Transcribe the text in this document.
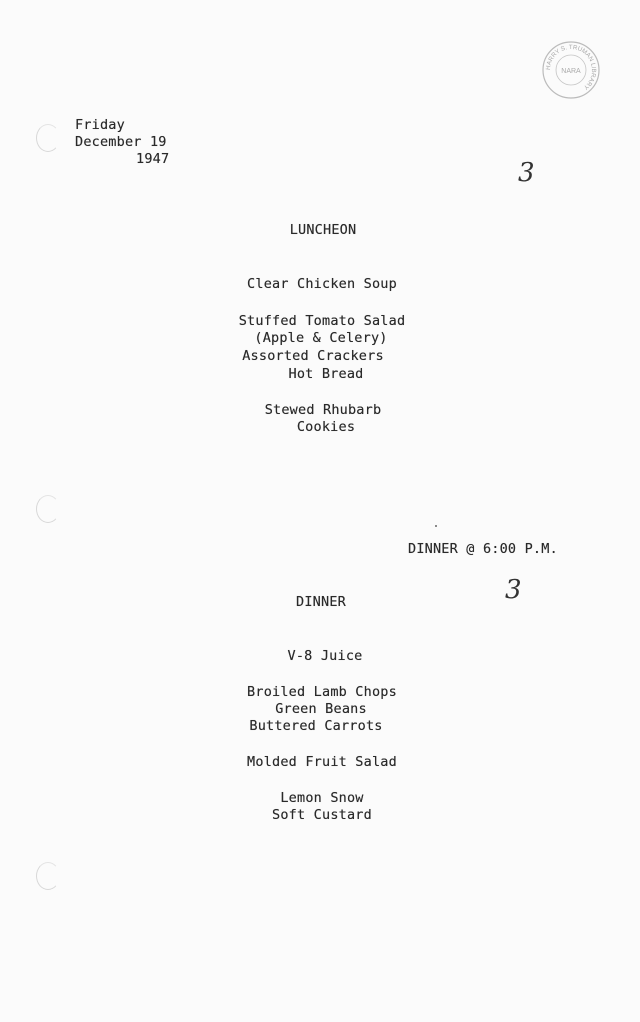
HARRY S. TRUMAN LIBRARY
NARA
Friday
December 19
1947	3
LUNCHEON
Clear Chicken Soup
Stuffed Tomato Salad
(Apple & Celery)
Assorted Crackers
Hot Bread
Stewed Rhubarb
Cookies
DINNER @ 6:00 P.M.
3
DINNER
V-8 Juice
Broiled Lamb Chops
Green Beans
Buttered Carrots
Molded Fruit Salad
Lemon Snow
Soft Custard
